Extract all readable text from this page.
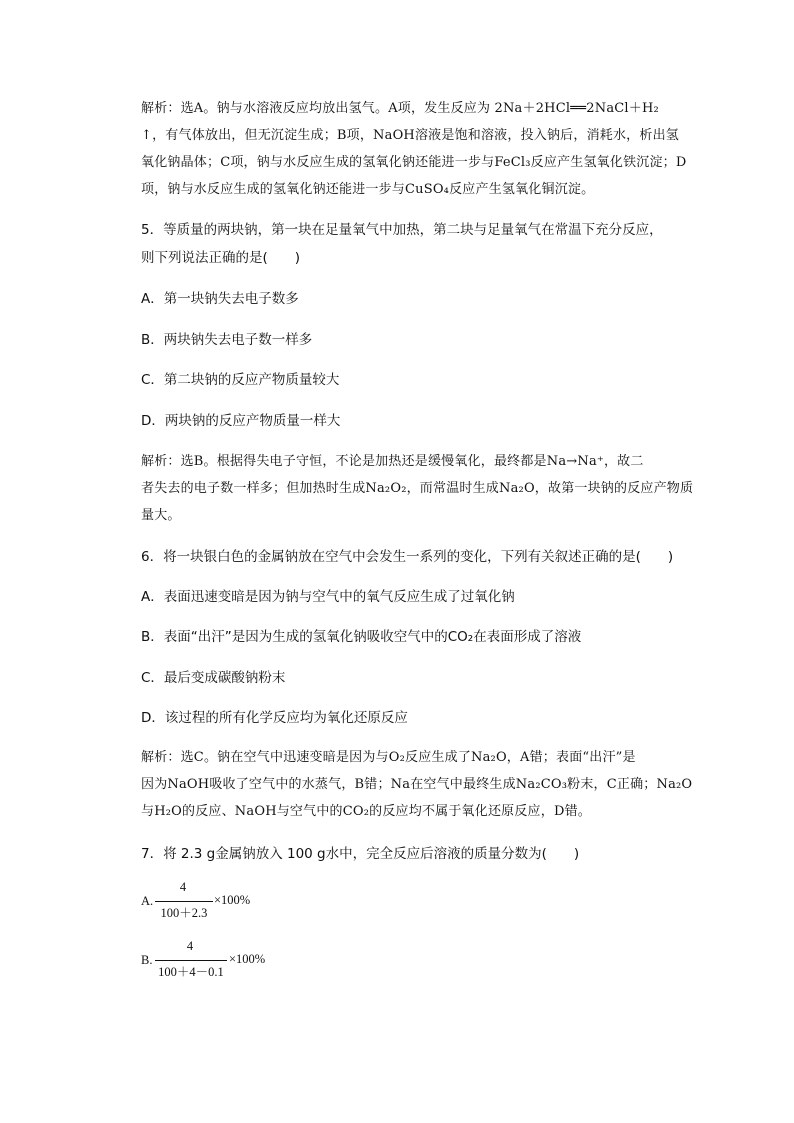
解析：选A。钠与水溶液反应均放出氢气。A项，发生反应为 2Na＋2HCl══2NaCl＋H₂
↑，有气体放出，但无沉淀生成；B项，NaOH溶液是饱和溶液，投入钠后，消耗水，析出氢
氧化钠晶体；C项，钠与水反应生成的氢氧化钠还能进一步与FeCl₃反应产生氢氧化铁沉淀；D
项，钠与水反应生成的氢氧化钠还能进一步与CuSO₄反应产生氢氧化铜沉淀。
5．等质量的两块钠，第一块在足量氧气中加热，第二块与足量氧气在常温下充分反应，
则下列说法正确的是(　　)
A．第一块钠失去电子数多
B．两块钠失去电子数一样多
C．第二块钠的反应产物质量较大
D．两块钠的反应产物质量一样大
解析：选B。根据得失电子守恒，不论是加热还是缓慢氧化，最终都是Na→Na⁺，故二
者失去的电子数一样多；但加热时生成Na₂O₂，而常温时生成Na₂O，故第一块钠的反应产物质
量大。
6．将一块银白色的金属钠放在空气中会发生一系列的变化，下列有关叙述正确的是(　　)
A．表面迅速变暗是因为钠与空气中的氧气反应生成了过氧化钠
B．表面“出汗”是因为生成的氢氧化钠吸收空气中的CO₂在表面形成了溶液
C．最后变成碳酸钠粉末
D．该过程的所有化学反应均为氧化还原反应
解析：选C。钠在空气中迅速变暗是因为与O₂反应生成了Na₂O，A错；表面“出汗”是
因为NaOH吸收了空气中的水蒸气，B错；Na在空气中最终生成Na₂CO₃粉末，C正确；Na₂O
与H₂O的反应、NaOH与空气中的CO₂的反应均不属于氧化还原反应，D错。
7．将 2.3 g金属钠放入 100 g水中，完全反应后溶液的质量分数为(　　)
A.
4
100＋2.3
×100%
B.
4
100＋4－0.1
×100%
